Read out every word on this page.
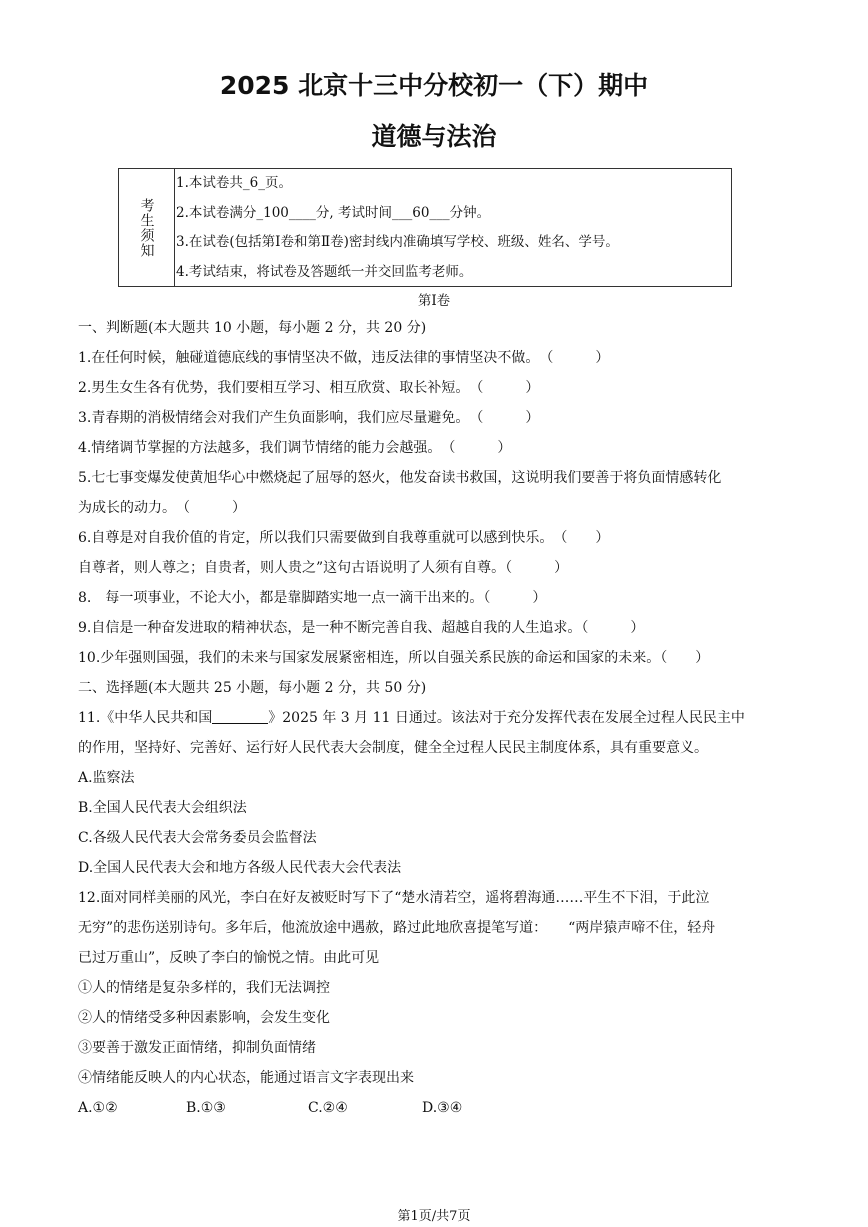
2025 北京十三中分校初一（下）期中
道德与法治
考生须知
1.本试卷共_6_页。
2.本试卷满分_100____分, 考试时间___60___分钟。
3.在试卷(包括第Ⅰ卷和第Ⅱ卷)密封线内准确填写学校、班级、姓名、学号。
4.考试结束，将试卷及答题纸一并交回监考老师。
第Ⅰ卷
一、判断题(本大题共 10 小题，每小题 2 分，共 20 分)
1.在任何时候，触碰道德底线的事情坚决不做，违反法律的事情坚决不做。　（　　　）
2.男生女生各有优势，我们要相互学习、相互欣赏、取长补短。　（　　　）
3.青春期的消极情绪会对我们产生负面影响，我们应尽量避免。　（　　　）
4.情绪调节掌握的方法越多，我们调节情绪的能力会越强。　（　　　）
5.七七事变爆发使黄旭华心中燃烧起了屈辱的怒火，他发奋读书救国，这说明我们要善于将负面情感转化
为成长的动力。　（　　　）
6.自尊是对自我价值的肯定，所以我们只需要做到自我尊重就可以感到快乐。　（　　）
自尊者，则人尊之；自贵者，则人贵之”这句古语说明了人须有自尊。（　　　）
8.　每一项事业，不论大小，都是靠脚踏实地一点一滴干出来的。（　　　）
9.自信是一种奋发进取的精神状态，是一种不断完善自我、超越自我的人生追求。（　　　）
10.少年强则国强，我们的未来与国家发展紧密相连，所以自强关系民族的命运和国家的未来。（　　）
二、选择题(本大题共 25 小题，每小题 2 分，共 50 分)
11.《中华人民共和国	》2025 年 3 月 11 日通过。该法对于充分发挥代表在发展全过程人民民主中
的作用，坚持好、完善好、运行好人民代表大会制度，健全全过程人民民主制度体系，具有重要意义。
A.监察法
B.全国人民代表大会组织法
C.各级人民代表大会常务委员会监督法
D.全国人民代表大会和地方各级人民代表大会代表法
12.面对同样美丽的风光，李白在好友被贬时写下了“楚水清若空，遥将碧海通……平生不下泪，于此泣
无穷”的悲伤送别诗句。多年后，他流放途中遇赦，路过此地欣喜提笔写道：　　“两岸猿声啼不住，轻舟
已过万重山”，反映了李白的愉悦之情。由此可见
①人的情绪是复杂多样的，我们无法调控
②人的情绪受多种因素影响，会发生变化
③要善于激发正面情绪，抑制负面情绪
④情绪能反映人的内心状态，能通过语言文字表现出来
A.①②	B.①③	C.②④	D.③④
第1页/共7页
